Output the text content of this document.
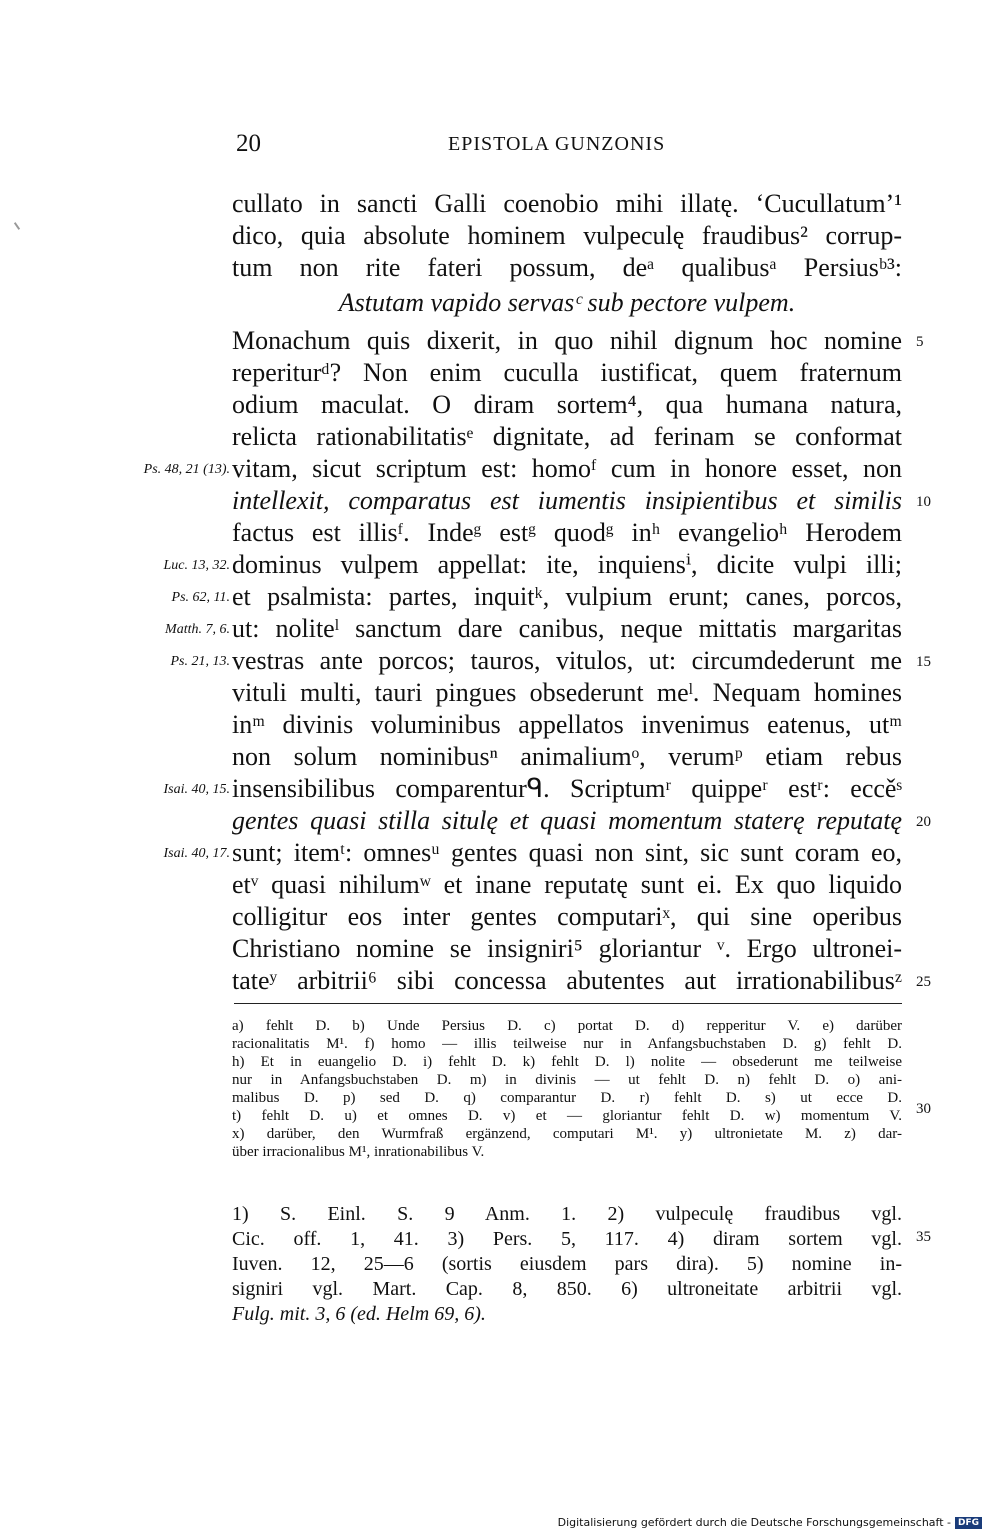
20	EPISTOLA GUNZONIS
cullato in sancti Galli coenobio mihi illatę. ‘Cucullatum’¹
dico, quia absolute hominem vulpeculę fraudibus² corrup-
tum non rite fateri possum, deᵃ qualibusᵃ Persiusᵇ³:
Astutam vapido servasᶜ sub pectore vulpem.
Monachum quis dixerit, in quo nihil dignum hoc nomine
reperiturᵈ? Non enim cuculla iustificat, quem fraternum
odium maculat. O diram sortem⁴, qua humana natura,
relicta rationabilitatisᵉ dignitate, ad ferinam se conformat
vitam, sicut scriptum est: homoᶠ cum in honore esset, non
intellexit, comparatus est iumentis insipientibus et similis
factus est illisᶠ. Indeᵍ estᵍ quodᵍ inʰ evangelioʰ Herodem
dominus vulpem appellat: ite, inquiensⁱ, dicite vulpi illi;
et psalmista: partes, inquitᵏ, vulpium erunt; canes, porcos,
ut: noliteˡ sanctum dare canibus, neque mittatis margaritas
vestras ante porcos; tauros, vitulos, ut: circumdederunt me
vituli multi, tauri pingues obsederunt meˡ. Nequam homines
inᵐ divinis voluminibus appellatos invenimus eatenus, utᵐ
non solum nominibusⁿ animaliumᵒ, verumᵖ etiam rebus
insensibilibus comparenturᑫ. Scriptumʳ quippeʳ estʳ: eccěˢ
gentes quasi stilla situlę et quasi momentum staterę reputatę
sunt; itemᵗ: omnesᵘ gentes quasi non sint, sic sunt coram eo,
etᵛ quasi nihilumʷ et inane reputatę sunt ei. Ex quo liquido
colligitur eos inter gentes computariˣ, qui sine operibus
Christiano nomine se insigniri⁵ gloriantur ᵛ. Ergo ultronei-
tateʸ arbitrii⁶ sibi concessa abutentes aut irrationabilibusᶻ
5
10
15
20
25
Ps. 48, 21 (13).
Luc. 13, 32.
Ps. 62, 11.
Matth. 7, 6.
Ps. 21, 13.
Isai. 40, 15.
Isai. 40, 17.
a) fehlt D. b) Unde Persius D. c) portat D. d) repperitur V. e) darüber
racionalitatis M¹. f) homo — illis teilweise nur in Anfangsbuchstaben D. g) fehlt D.
h) Et in euangelio D. i) fehlt D. k) fehlt D. l) nolite — obsederunt me teilweise
nur in Anfangsbuchstaben D. m) in divinis — ut fehlt D. n) fehlt D. o) ani-
malibus D. p) sed D. q) comparantur D. r) fehlt D. s) ut ecce D.
t) fehlt D. u) et omnes D. v) et — gloriantur fehlt D. w) momentum V.
x) darüber, den Wurmfraß ergänzend, computari M¹. y) ultronietate M. z) dar-
über irracionalibus M¹, inrationabilibus V.
30
1) S. Einl. S. 9 Anm. 1. 2) vulpeculę fraudibus vgl.
Cic. off. 1, 41. 3) Pers. 5, 117. 4) diram sortem vgl.
Iuven. 12, 25—6 (sortis eiusdem pars dira). 5) nomine in-
signiri vgl. Mart. Cap. 8, 850. 6) ultroneitate arbitrii vgl.
Fulg. mit. 3, 6 (ed. Helm 69, 6).
35
Digitalisierung gefördert durch die Deutsche Forschungsgemeinschaft - DFG
